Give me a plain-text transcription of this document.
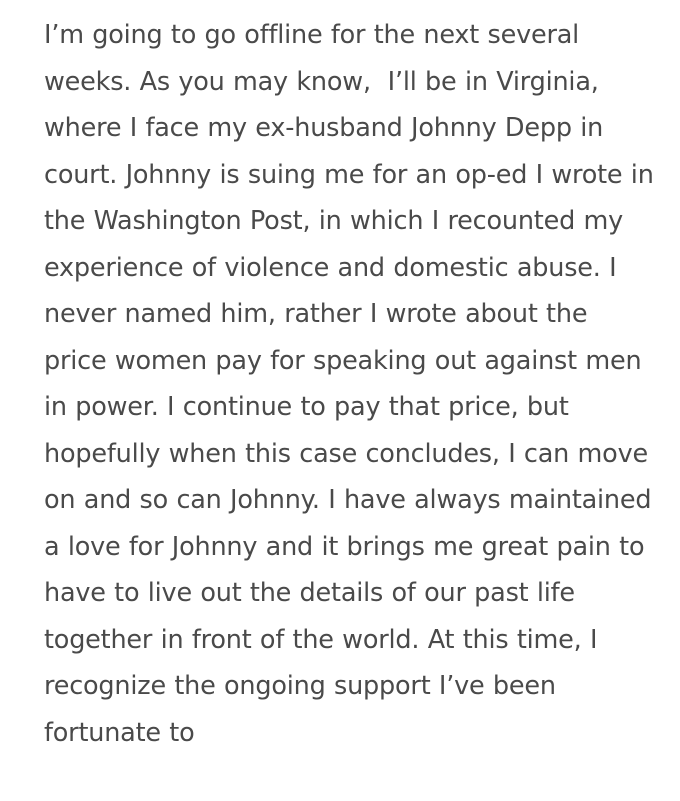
I’m going to go offline for the next several weeks. As you may know,  I’ll be in Virginia, where I face my ex-husband Johnny Depp in court. Johnny is suing me for an op-ed I wrote in the Washington Post, in which I recounted my experience of violence and domestic abuse. I never named him, rather I wrote about the price women pay for speaking out against men in power. I continue to pay that price, but hopefully when this case concludes, I can move on and so can Johnny. I have always maintained a love for Johnny and it brings me great pain to have to live out the details of our past life together in front of the world. At this time, I recognize the ongoing support I’ve been fortunate to
